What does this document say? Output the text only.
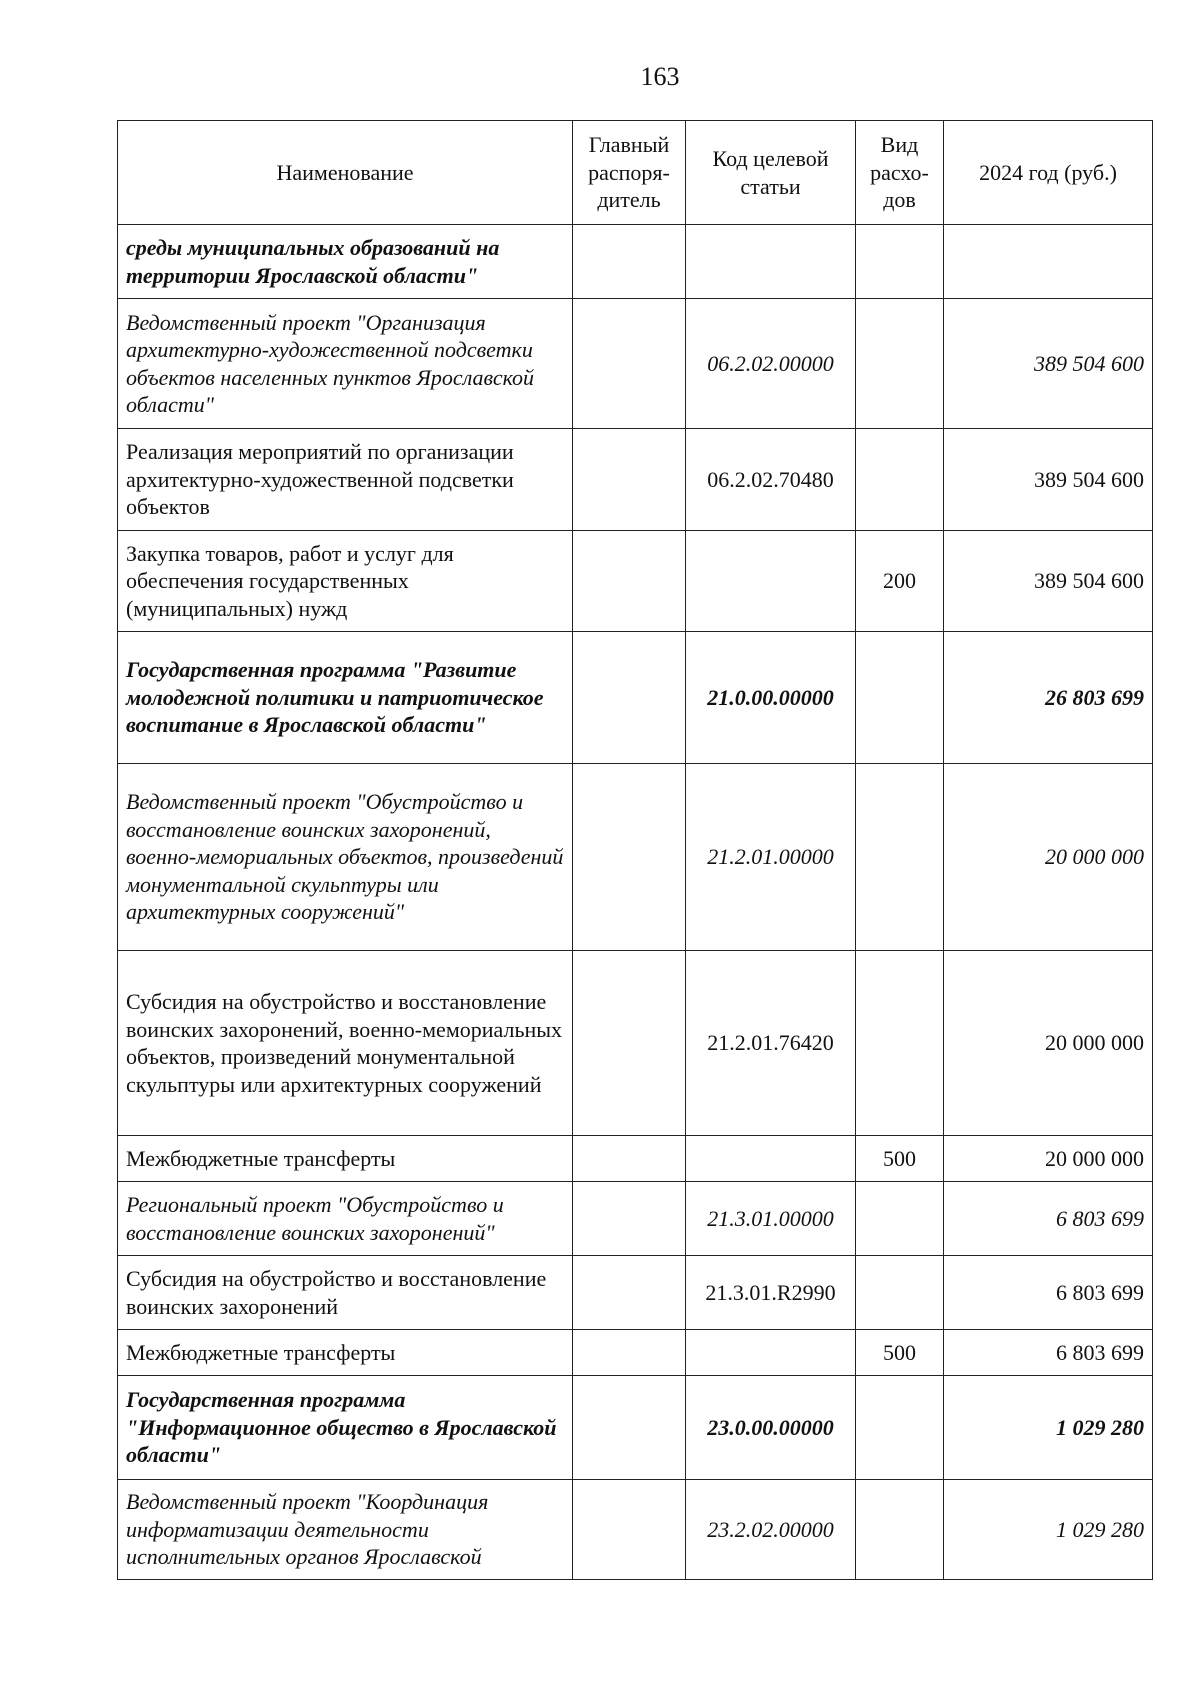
163
Наименование	Главный распоря-дитель	Код целевой статьи	Вид расхо-дов	2024 год (руб.)
среды муниципальных образований на территории Ярославской области"				
Ведомственный проект "Организация архитектурно-художественной подсветки объектов населенных пунктов Ярославской области"		06.2.02.00000		389 504 600
Реализация мероприятий по организации архитектурно-художественной подсветки объектов		06.2.02.70480		389 504 600
Закупка товаров, работ и услуг для обеспечения государственных (муниципальных) нужд			200	389 504 600
Государственная программа "Развитие молодежной политики и патриотическое воспитание в Ярославской области"		21.0.00.00000		26 803 699
Ведомственный проект "Обустройство и восстановление воинских захоронений, военно-мемориальных объектов, произведений монументальной скульптуры или архитектурных сооружений"		21.2.01.00000		20 000 000
Субсидия на обустройство и восстановление воинских захоронений, военно-мемориальных объектов, произведений монументальной скульптуры или архитектурных сооружений		21.2.01.76420		20 000 000
Межбюджетные трансферты			500	20 000 000
Региональный проект "Обустройство и восстановление воинских захоронений"		21.3.01.00000		6 803 699
Субсидия на обустройство и восстановление воинских захоронений		21.3.01.R2990		6 803 699
Межбюджетные трансферты			500	6 803 699
Государственная программа "Информационное общество в Ярославской области"		23.0.00.00000		1 029 280
Ведомственный проект "Координация информатизации деятельности исполнительных органов Ярославской		23.2.02.00000		1 029 280
